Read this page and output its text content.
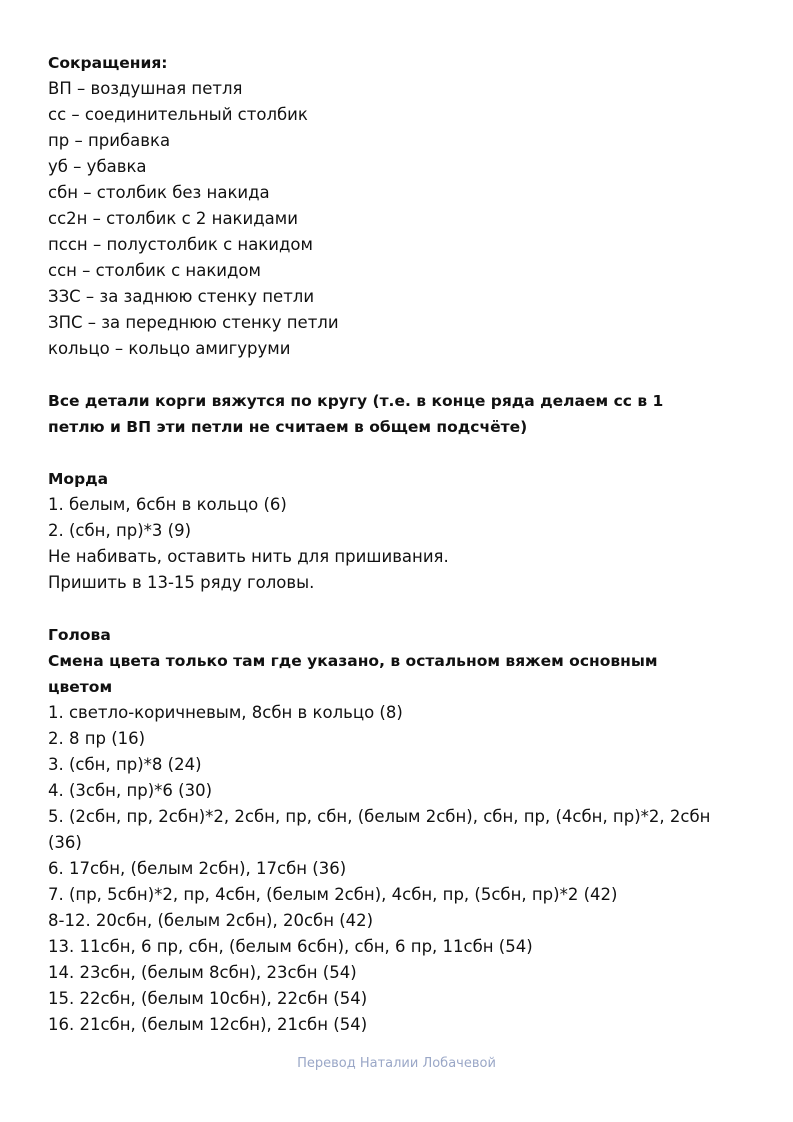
Сокращения:
ВП – воздушная петля
сс – соединительный столбик
пр – прибавка
уб – убавка
сбн – столбик без накида
сс2н – столбик с 2 накидами
пссн – полустолбик с накидом
ссн – столбик с накидом
ЗЗС – за заднюю стенку петли
ЗПС – за переднюю стенку петли
кольцо – кольцо амигуруми
Все детали корги вяжутся по кругу (т.е. в конце ряда делаем сс в 1
петлю и ВП эти петли не считаем в общем подсчёте)
Морда
1. белым, 6сбн в кольцо (6)
2. (сбн, пр)*3 (9)
Не набивать, оставить нить для пришивания.
Пришить в 13-15 ряду головы.
Голова
Смена цвета только там где указано, в остальном вяжем основным
цветом
1. светло-коричневым, 8сбн в кольцо (8)
2. 8 пр (16)
3. (сбн, пр)*8 (24)
4. (3сбн, пр)*6 (30)
5. (2сбн, пр, 2сбн)*2, 2сбн, пр, сбн, (белым 2сбн), сбн, пр, (4сбн, пр)*2, 2сбн
(36)
6. 17сбн, (белым 2сбн), 17сбн (36)
7. (пр, 5сбн)*2, пр, 4сбн, (белым 2сбн), 4сбн, пр, (5сбн, пр)*2 (42)
8-12. 20сбн, (белым 2сбн), 20сбн (42)
13. 11сбн, 6 пр, сбн, (белым 6сбн), сбн, 6 пр, 11сбн (54)
14. 23сбн, (белым 8сбн), 23сбн (54)
15. 22сбн, (белым 10сбн), 22сбн (54)
16. 21сбн, (белым 12сбн), 21сбн (54)
Перевод Наталии Лобачевой
